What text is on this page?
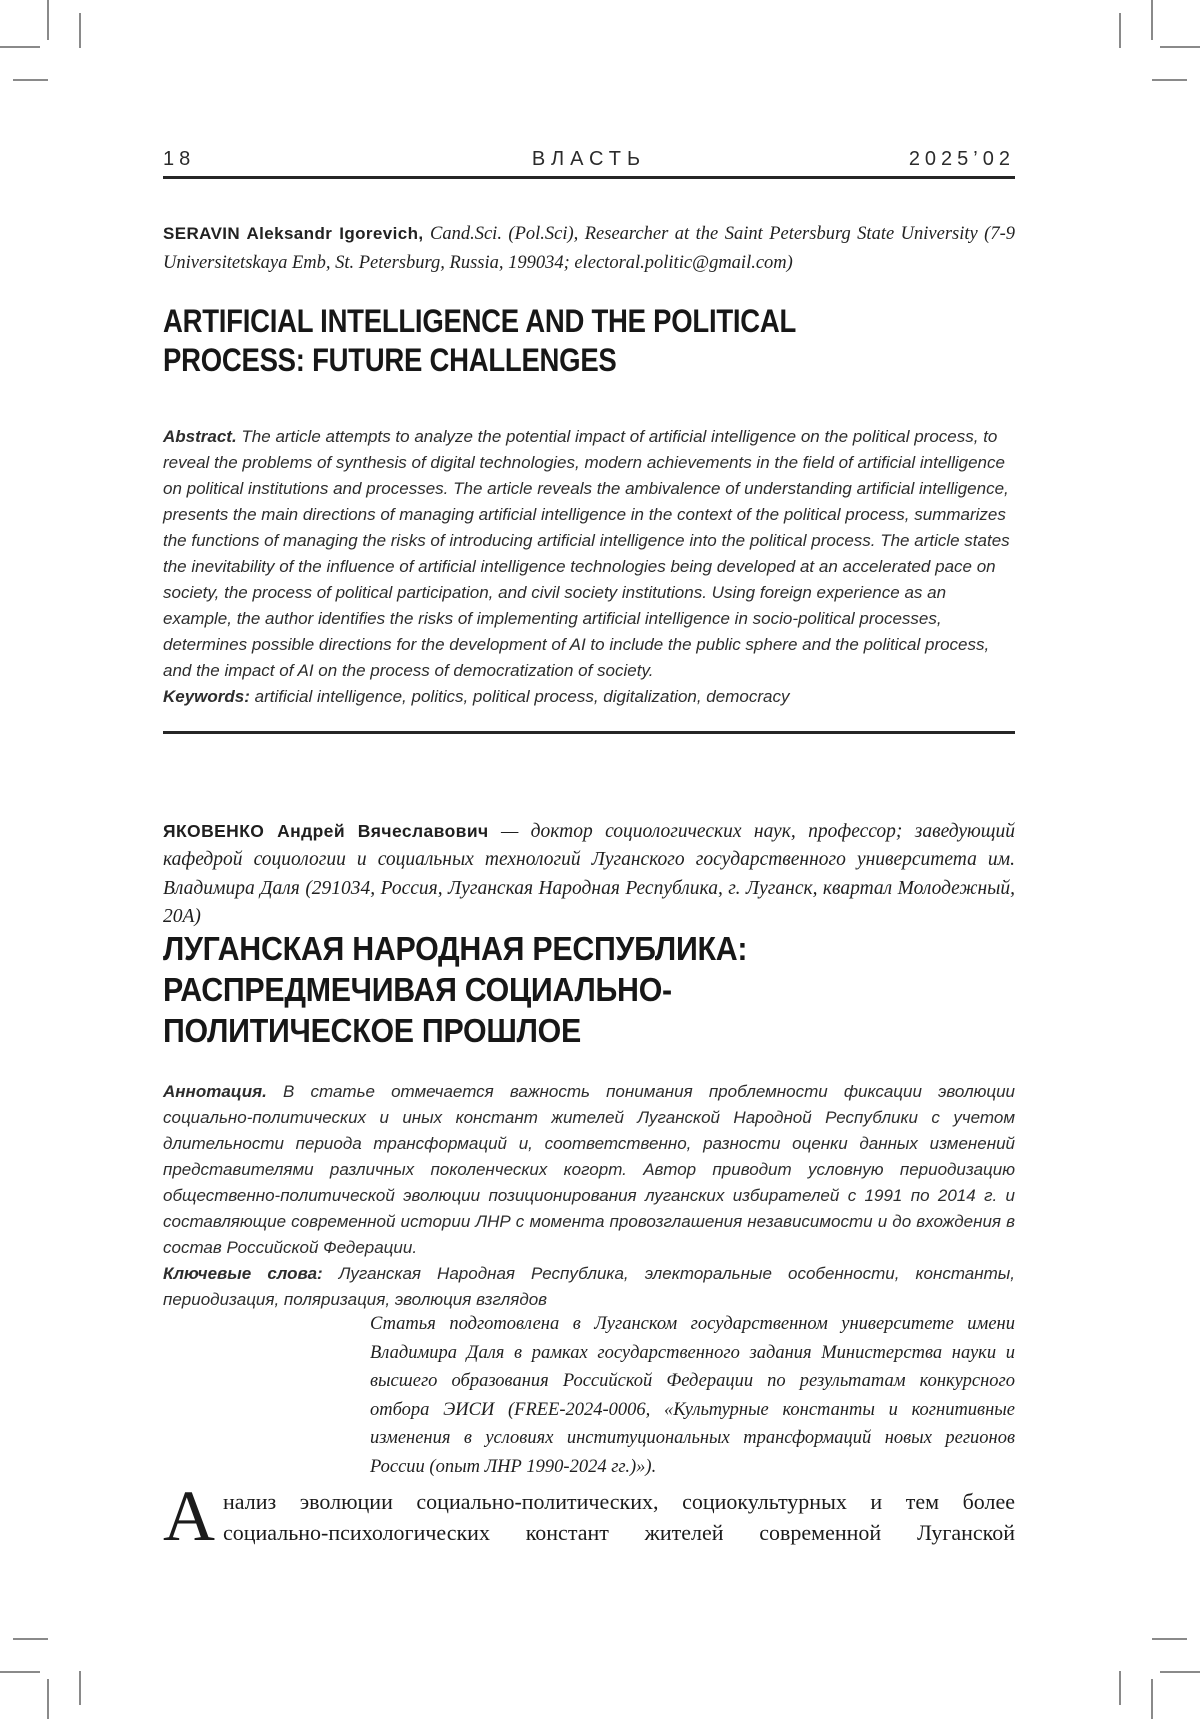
ВЛАСТЬ
18	2025’02

SERAVIN Aleksandr Igorevich, Cand.Sci. (Pol.Sci), Researcher at the Saint Petersburg State University (7-9 Universitetskaya Emb, St. Petersburg, Russia, 199034; electoral.politic@gmail.com)

ARTIFICIAL INTELLIGENCE AND THE POLITICAL
PROCESS: FUTURE CHALLENGES

Abstract. The article attempts to analyze the potential impact of artificial intelligence on the political process, to reveal the problems of synthesis of digital technologies, modern achievements in the field of artificial intelligence on political institutions and processes. The article reveals the ambivalence of understanding artificial intelligence, presents the main directions of managing artificial intelligence in the context of the political process, summarizes the functions of managing the risks of introducing artificial intelligence into the political process. The article states the inevitability of the influence of artificial intelligence technologies being developed at an accelerated pace on society, the process of political participation, and civil society institutions. Using foreign experience as an example, the author identifies the risks of implementing artificial intelligence in socio-political processes, determines possible directions for the development of AI to include the public sphere and the political process, and the impact of AI on the process of democratization of society.

Keywords: artificial intelligence, politics, political process, digitalization, democracy

ЯКОВЕНКО Андрей Вячеславович — доктор социологических наук, профессор; заведующий кафедрой социологии и социальных технологий Луганского государственного университета им. Владимира Даля (291034, Россия, Луганская Народная Республика, г. Луганск, квартал Молодежный, 20А)

ЛУГАНСКАЯ НАРОДНАЯ РЕСПУБЛИКА:
РАСПРЕДМЕЧИВАЯ СОЦИАЛЬНО-
ПОЛИТИЧЕСКОЕ ПРОШЛОЕ

Аннотация. В статье отмечается важность понимания проблемности фиксации эволюции социально-политических и иных констант жителей Луганской Народной Республики с учетом длительности периода трансформаций и, соответственно, разности оценки данных изменений представителями различных поколенческих когорт. Автор приводит условную периодизацию общественно-политической эволюции позиционирования луганских избирателей с 1991 по 2014 г. и составляющие современной истории ЛНР с момента провозглашения независимости и до вхождения в состав Российской Федерации.

Ключевые слова: Луганская Народная Республика, электоральные особенности, константы, периодизация, поляризация, эволюция взглядов

Статья подготовлена в Луганском государственном университете имени Владимира Даля в рамках государственного задания Министерства науки и высшего образования Российской Федерации по результатам конкурсного отбора ЭИСИ (FREE-2024-0006, «Культурные константы и когнитивные изменения в условиях институциональных трансформаций новых регионов России (опыт ЛНР 1990-2024 гг.)»).

Анализ эволюции социально-политических, социокультурных и тем более социально-психологических констант жителей современной Луганской
